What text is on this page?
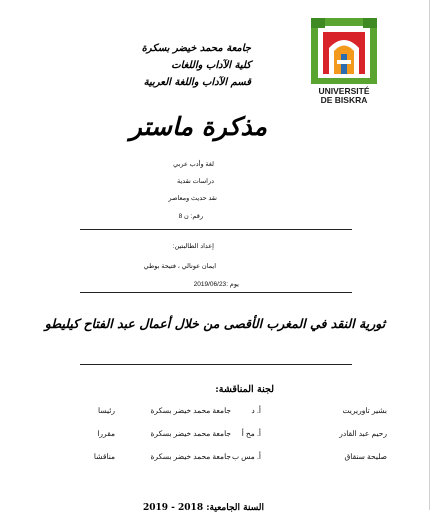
UNIVERSITÉ
DE BISKRA
جامعة محمد خيضر بسكرة
كلية الآداب واللغات
قسم الآداب واللغة العربية
مذكرة ماستر
لغة وأدب عربي
دراسات نقدية
نقد حديث ومعاصر
رقم: ن 8
إعداد الطالبتين:
ايمان عونالي ، فتيحة بوطي
يوم :2019/06/23
ثورية النقد في المغرب الأقصى من خلال أعمال عبد الفتاح كيليطو
لجنة المناقشة:
بشير تاوريريت
أ. د
جامعة محمد خيضر بسكرة
رئيسا
رحيم عبد القادر
أ. مح أ
جامعة محمد خيضر بسكرة
مقررا
صليحة سنقاق
أ. مس ب
جامعة محمد خيضر بسكرة
مناقشا
السنة الجامعية: 2018 - 2019
